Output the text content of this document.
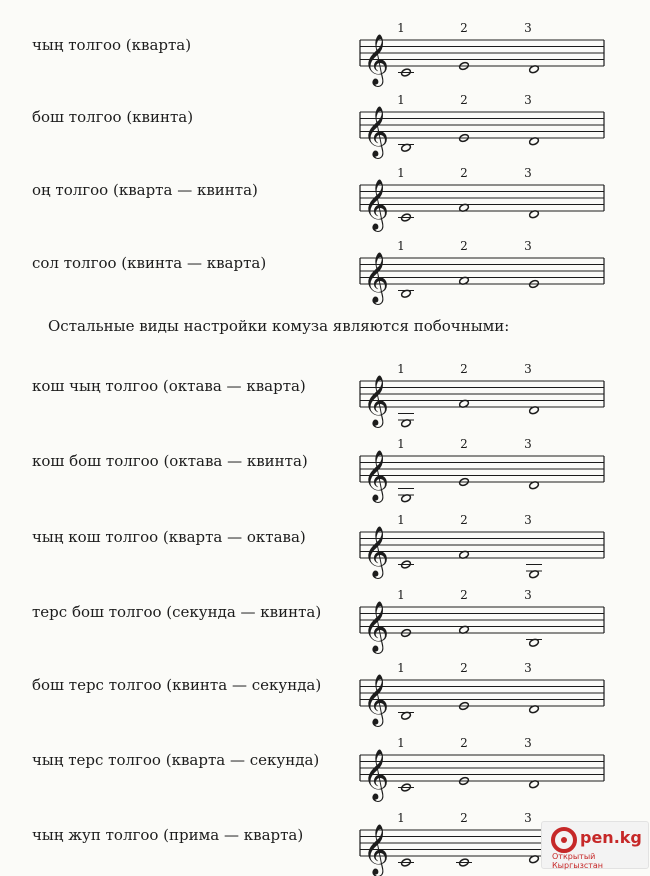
чың толгоо (кварта)	𝄞
1	2	3
бош толгоо (квинта)	𝄞
1	2	3
оң толгоо (кварта — квинта) 𝄞
1	2	3
сол толгоо (квинта — кварта) 𝄞
1	2	3
кош чың толгоо (октава — кварта) 𝄞
1	2	3
кош бош толгоо (октава — квинта) 𝄞
1	2	3
чың кош толгоо (кварта — октава) 𝄞
1	2	3
терс бош толгоо (секунда — квинта) 𝄞
1	2	3
бош терс толгоо (квинта — секунда) 𝄞
1	2	3
чың терс толгоо (кварта — секунда) 𝄞
1	2	3
чың жуп толгоо (прима — кварта) 𝄞
1	2	3
Остальные виды настройки комуза являются побочными:
pen.kg
Открытый Кыргызстан
